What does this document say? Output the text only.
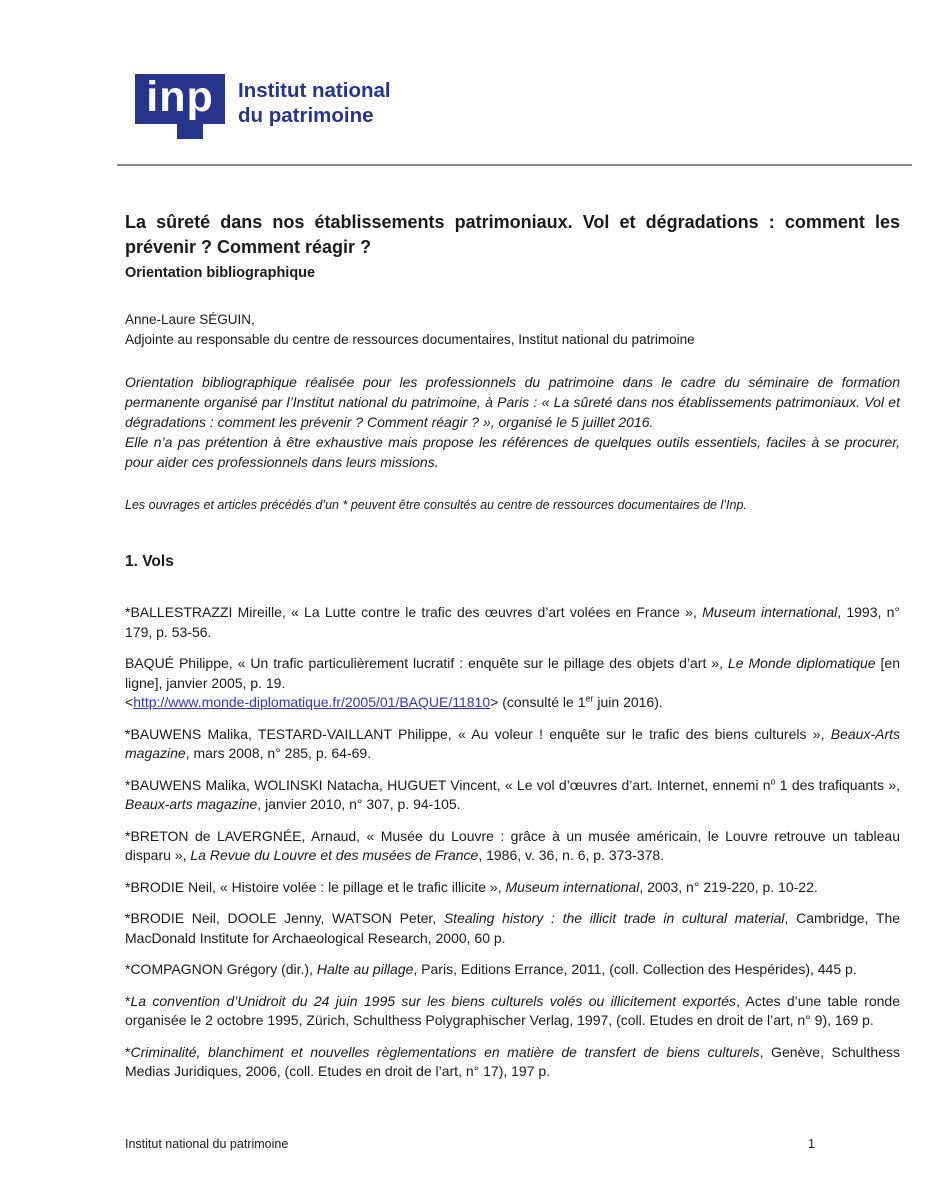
inp	Institut national
du patrimoine
La sûreté dans nos établissements patrimoniaux. Vol et dégradations : comment les prévenir ? Comment réagir ?
Orientation bibliographique
Anne-Laure SÉGUIN,
Adjointe au responsable du centre de ressources documentaires, Institut national du patrimoine

Orientation bibliographique réalisée pour les professionnels du patrimoine dans le cadre du séminaire de formation permanente organisé par l’Institut national du patrimoine, à Paris : « La sûreté dans nos établissements patrimoniaux. Vol et dégradations : comment les prévenir ? Comment réagir ? », organisé le 5 juillet 2016.

Elle n’a pas prétention à être exhaustive mais propose les références de quelques outils essentiels, faciles à se procurer, pour aider ces professionnels dans leurs missions.

Les ouvrages et articles précédés d’un * peuvent être consultés au centre de ressources documentaires de l’Inp.
1. Vols

*BALLESTRAZZI Mireille, « La Lutte contre le trafic des œuvres d’art volées en France », Museum international, 1993, n° 179, p. 53-56.

BAQUÉ Philippe, « Un trafic particulièrement lucratif : enquête sur le pillage des objets d’art », Le Monde diplomatique [en ligne], janvier 2005, p. 19.
<http://www.monde-diplomatique.fr/2005/01/BAQUE/11810> (consulté le 1er juin 2016).

*BAUWENS Malika, TESTARD-VAILLANT Philippe, « Au voleur ! enquête sur le trafic des biens culturels », Beaux-Arts magazine, mars 2008, n° 285, p. 64-69.

*BAUWENS Malika, WOLINSKI Natacha, HUGUET Vincent, « Le vol d’œuvres d’art. Internet, ennemi $n^o$ 1 des trafiquants », Beaux-arts magazine, janvier 2010, n° 307, p. 94-105.

*BRETON de LAVERGNÉE, Arnaud, « Musée du Louvre : grâce à un musée américain, le Louvre retrouve un tableau disparu », La Revue du Louvre et des musées de France, 1986, v. 36, n. 6, p. 373-378.

*BRODIE Neil, « Histoire volée : le pillage et le trafic illicite », Museum international, 2003, n° 219-220, p. 10-22.

*BRODIE Neil, DOOLE Jenny, WATSON Peter, Stealing history : the illicit trade in cultural material, Cambridge, The MacDonald Institute for Archaeological Research, 2000, 60 p.

*COMPAGNON Grégory (dir.), Halte au pillage, Paris, Editions Errance, 2011, (coll. Collection des Hespérides), 445 p.

*La convention d’Unidroit du 24 juin 1995 sur les biens culturels volés ou illicitement exportés, Actes d’une table ronde organisée le 2 octobre 1995, Zürich, Schulthess Polygraphischer Verlag, 1997, (coll. Etudes en droit de l’art, n° 9), 169 p.

*Criminalité, blanchiment et nouvelles règlementations en matière de transfert de biens culturels, Genève, Schulthess Medias Juridiques, 2006, (coll. Etudes en droit de l’art, n° 17), 197 p.

Institut national du patrimoine	1
